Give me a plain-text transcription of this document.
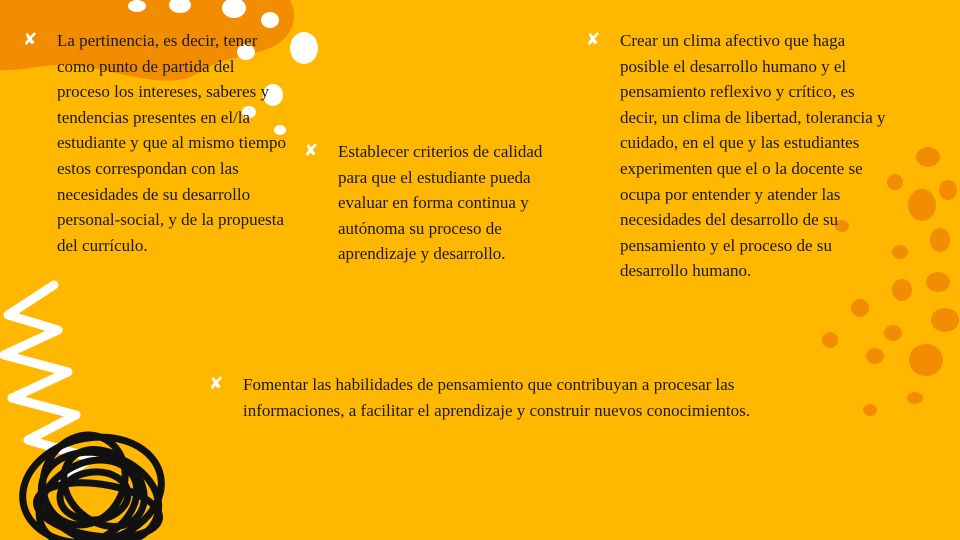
✘ La pertinencia, es decir, tener como punto de partida del proceso los intereses, saberes y tendencias presentes en el/la estudiante y que al mismo tiempo estos correspondan con las necesidades de su desarrollo personal-social, y de la propuesta del currículo.
✘ Establecer criterios de calidad para que el estudiante pueda evaluar en forma continua y autónoma su proceso de aprendizaje y desarrollo.
✘ Crear un clima afectivo que haga posible el desarrollo humano y el pensamiento reflexivo y crítico, es decir, un clima de libertad, tolerancia y cuidado, en el que y las estudiantes experimenten que el o la docente se ocupa por entender y atender las necesidades del desarrollo de su pensamiento y el proceso de su desarrollo humano.
✘ Fomentar las habilidades de pensamiento que contribuyan a procesar las informaciones, a facilitar el aprendizaje y construir nuevos conocimientos.
